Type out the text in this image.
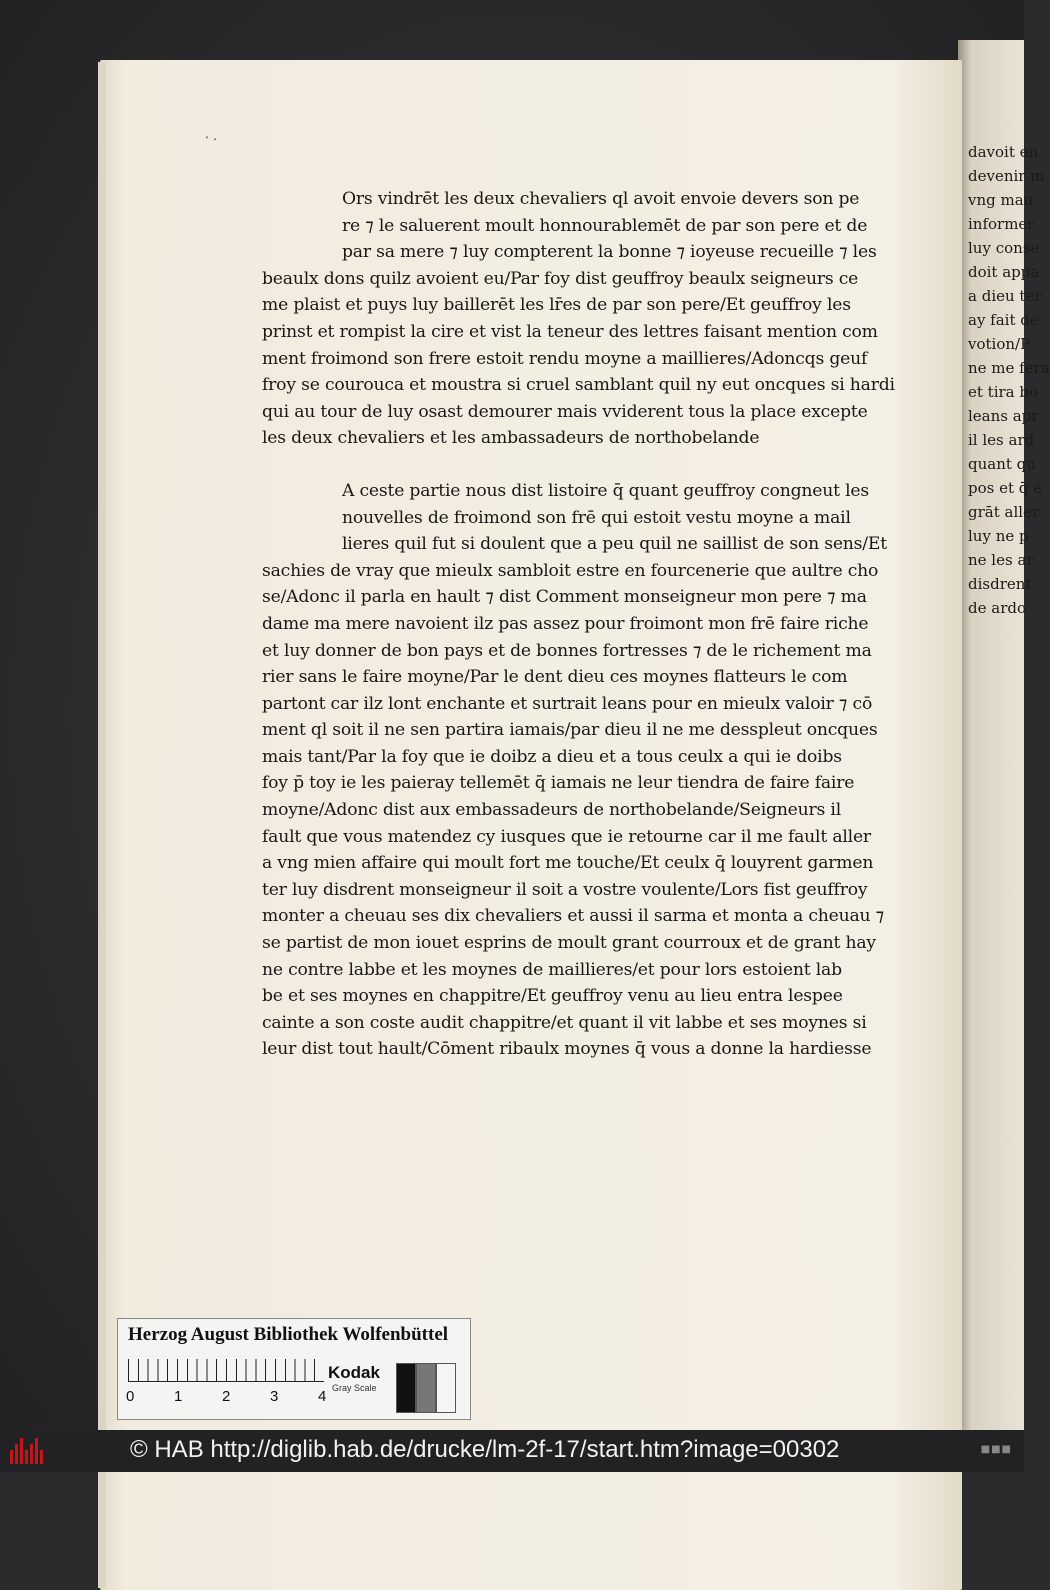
davoit en
devenir m
vng mau
informer
luy conse
doit appa
a dieu ter
ay fait de
votion/P
ne me fera
et tira bo
leans apr
il les ard
quant qu
pos et q̄ e
grāt aller
luy ne p
ne les ar
disdrent
de ardo
⸱ ⸳
Ors vindrēt les deux chevaliers ql avoit envoie devers son pe
re ⁊ le saluerent moult honnourablemēt de par son pere et de
par sa mere ⁊ luy compterent la bonne ⁊ ioyeuse recueille ⁊ les
beaulx dons quilz avoient eu/Par foy dist geuffroy beaulx seigneurs ce
me plaist et puys luy baillerēt les lr̄es de par son pere/Et geuffroy les
prinst et rompist la cire et vist la teneur des lettres faisant mention com
ment froimond son frere estoit rendu moyne a maillieres/Adoncqs geuf
froy se courouca et moustra si cruel samblant quil ny eut oncques si hardi
qui au tour de luy osast demourer mais vviderent tous la place excepte
les deux chevaliers et les ambassadeurs de northobelande
A ceste partie nous dist listoire q̄ quant geuffroy congneut les
nouvelles de froimond son frē qui estoit vestu moyne a mail
lieres quil fut si doulent que a peu quil ne saillist de son sens/Et
sachies de vray que mieulx sambloit estre en fourcenerie que aultre cho
se/Adonc il parla en hault ⁊ dist Comment monseigneur mon pere ⁊ ma
dame ma mere navoient ilz pas assez pour froimont mon frē faire riche
et luy donner de bon pays et de bonnes fortresses ⁊ de le richement ma
rier sans le faire moyne/Par le dent dieu ces moynes flatteurs le com
partont car ilz lont enchante et surtrait leans pour en mieulx valoir ⁊ cō
ment ql soit il ne sen partira iamais/par dieu il ne me desspleut oncques
mais tant/Par la foy que ie doibz a dieu et a tous ceulx a qui ie doibs
foy p̄ toy ie les paieray tellemēt q̄ iamais ne leur tiendra de faire faire
moyne/Adonc dist aux embassadeurs de northobelande/Seigneurs il
fault que vous matendez cy iusques que ie retourne car il me fault aller
a vng mien affaire qui moult fort me touche/Et ceulx q̄ louyrent garmen
ter luy disdrent monseigneur il soit a vostre voulente/Lors fist geuffroy
monter a cheuau ses dix chevaliers et aussi il sarma et monta a cheuau ⁊
se partist de mon iouet esprins de moult grant courroux et de grant hay
ne contre labbe et les moynes de maillieres/et pour lors estoient lab
be et ses moynes en chappitre/Et geuffroy venu au lieu entra lespee
cainte a son coste audit chappitre/et quant il vit labbe et ses moynes si
leur dist tout hault/Cōment ribaulx moynes q̄ vous a donne la hardiesse
Herzog August Bibliothek Wolfenbüttel
0	1	2	3	4
Kodak
Gray Scale
© HAB http://diglib.hab.de/drucke/lm-2f-17/start.htm?image=00302	■■■
